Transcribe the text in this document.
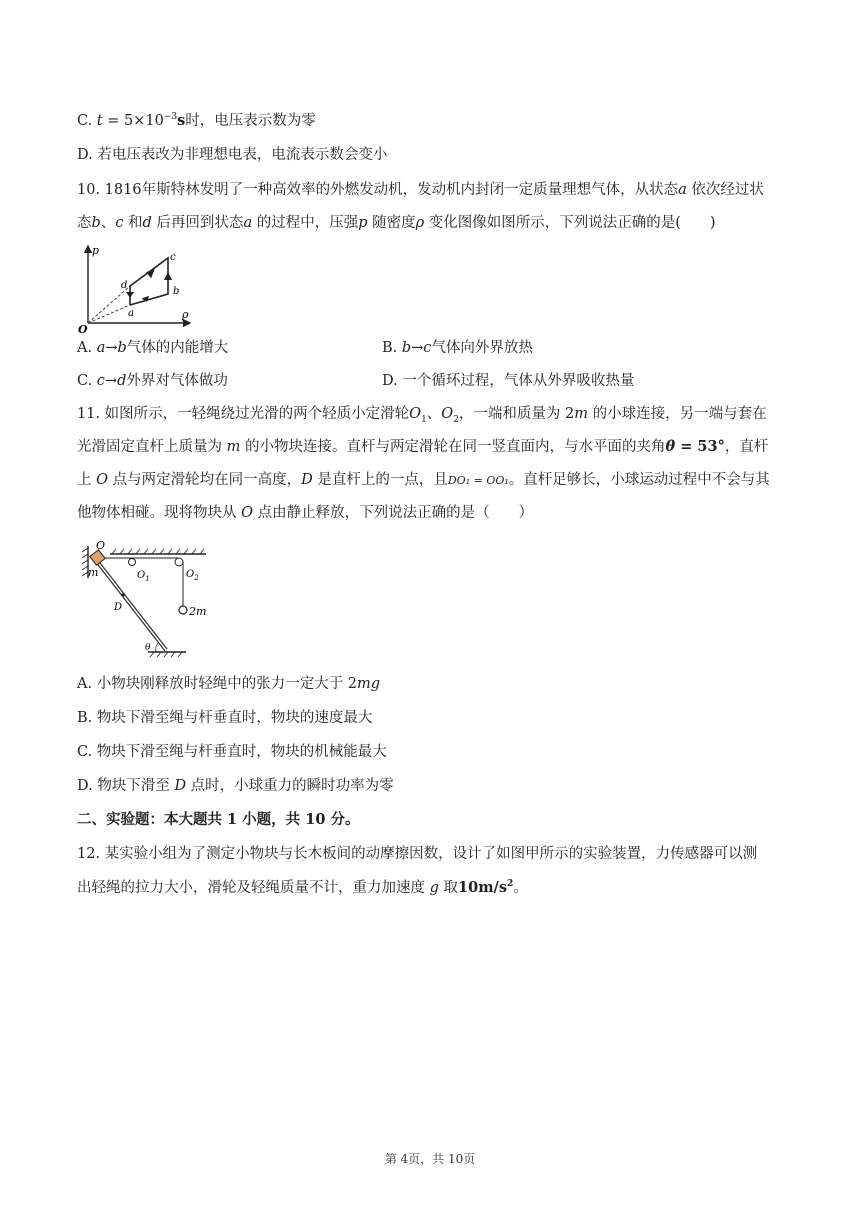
C. $t = 5\times 10^{-3}s$时，电压表示数为零
D. 若电压表改为非理想电表，电流表示数会变小
10. 1816年斯特林发明了一种高效率的外燃发动机，发动机内封闭一定质量理想气体，从状态a 依次经过状
态b、c 和d 后再回到状态a 的过程中，压强p 随密度ρ 变化图像如图所示，下列说法正确的是(　　)
p
ρ
O
a
b
c
d
A. a→b气体的内能增大	B. b→c气体向外界放热
C. c→d外界对气体做功	D. 一个循环过程，气体从外界吸收热量
11. 如图所示，一轻绳绕过光滑的两个轻质小定滑轮$O_1$、$O_2$，一端和质量为 2m 的小球连接，另一端与套在
光滑固定直杆上质量为 m 的小物块连接。直杆与两定滑轮在同一竖直面内，与水平面的夹角θ = 53°，直杆
上 O 点与两定滑轮均在同一高度，D 是直杆上的一点，且DO₁ = OO₁。直杆足够长，小球运动过程中不会与其
他物体相碰。现将物块从 O 点由静止释放，下列说法正确的是（　　）
O
m	$O_1$	$O_2$
D	2m
θ
A. 小物块刚释放时轻绳中的张力一定大于 2mg
B. 物块下滑至绳与杆垂直时，物块的速度最大
C. 物块下滑至绳与杆垂直时，物块的机械能最大
D. 物块下滑至 D 点时，小球重力的瞬时功率为零
二、实验题：本大题共 1 小题，共 10 分。
12. 某实验小组为了测定小物块与长木板间的动摩擦因数，设计了如图甲所示的实验装置，力传感器可以测
出轻绳的拉力大小，滑轮及轻绳质量不计，重力加速度 g 取$10m/s^2$。
第 4页，共 10页
